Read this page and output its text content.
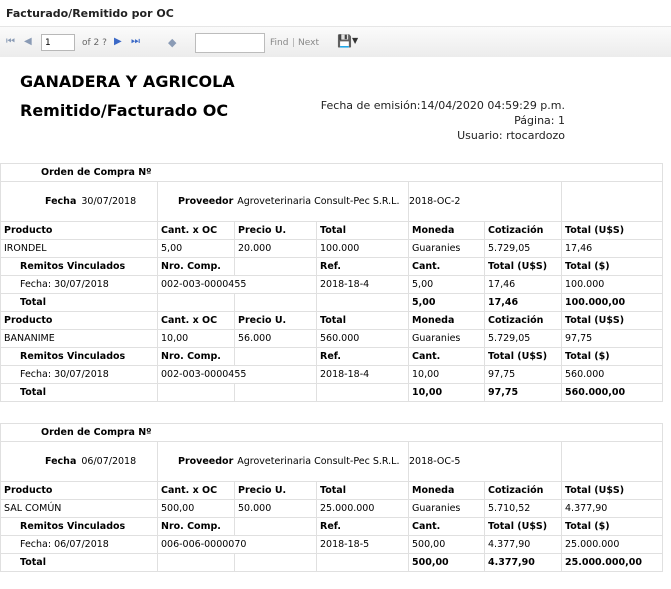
Facturado/Remitido por OC
⏮ ◀
1	of 2 ? ▶ ⏭	◆	Find | Next 💾 ▼
GANADERA Y AGRICOLA
Remitido/Facturado OC	Fecha de emisión:14/04/2020 04:59:29 p.m.
Página: 1
Usuario: rtocardozo
Orden de Compra Nº						
Fecha 30/07/2018	Proveedor Agroveterinaria Consult-Pec S.R.L.			2018-OC-2	
Producto	Cant. x OC	Precio U.	Total	Moneda	Cotización	Total (U$S)
IRONDEL	5,00	20.000	100.000	Guaranies	5.729,05	17,46
Remitos Vinculados	Nro. Comp.		Ref.	Cant.	Total (U$S)	Total ($)
Fecha: 30/07/2018	002-003-0000455		2018-18-4	5,00	17,46	100.000
Total				5,00	17,46	100.000,00
Producto	Cant. x OC	Precio U.	Total	Moneda	Cotización	Total (U$S)
BANANIME	10,00	56.000	560.000	Guaranies	5.729,05	97,75
Remitos Vinculados	Nro. Comp.		Ref.	Cant.	Total (U$S)	Total ($)
Fecha: 30/07/2018	002-003-0000455		2018-18-4	10,00	97,75	560.000
Total				10,00	97,75	560.000,00
Orden de Compra Nº						
Fecha 06/07/2018	Proveedor Agroveterinaria Consult-Pec S.R.L.			2018-OC-5	
Producto	Cant. x OC	Precio U.	Total	Moneda	Cotización	Total (U$S)
SAL COMÚN	500,00	50.000	25.000.000	Guaranies	5.710,52	4.377,90
Remitos Vinculados	Nro. Comp.		Ref.	Cant.	Total (U$S)	Total ($)
Fecha: 06/07/2018	006-006-0000070		2018-18-5	500,00	4.377,90	25.000.000
Total				500,00	4.377,90	25.000.000,00
